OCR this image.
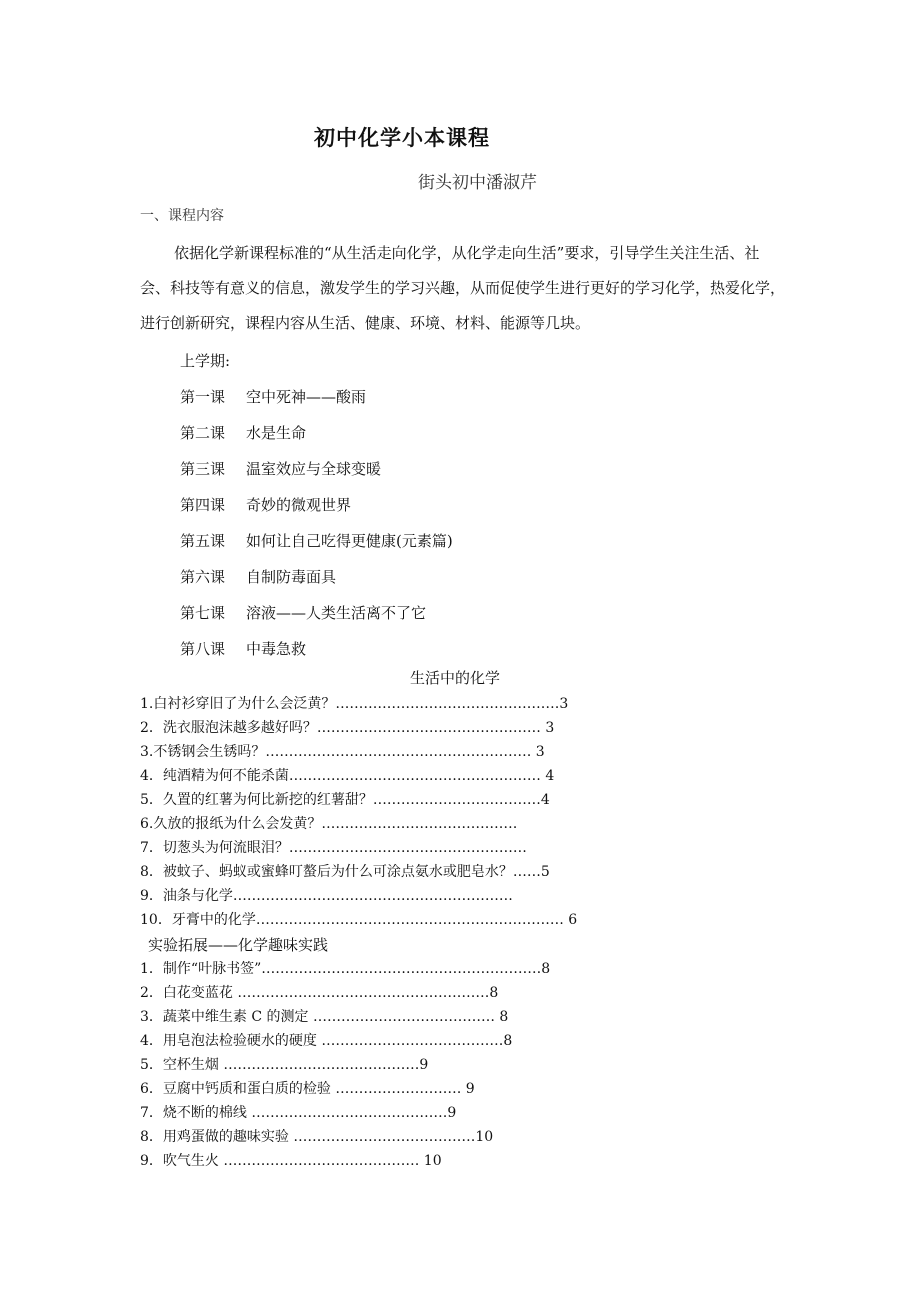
初中化学小本课程
街头初中潘淑芹
一、课程内容
依据化学新课程标准的“从生活走向化学，从化学走向生活”要求，引导学生关注生活、社会、科技等有意义的信息，激发学生的学习兴趣，从而促使学生进行更好的学习化学，热爱化学，进行创新研究，课程内容从生活、健康、环境、材料、能源等几块。
上学期:
第一课 空中死神——酸雨
第二课 水是生命
第三课 温室效应与全球变暖
第四课 奇妙的微观世界
第五课 如何让自己吃得更健康(元素篇)
第六课 自制防毒面具
第七课 溶液——人类生活离不了它
第八课 中毒急救
生活中的化学
1.白衬衫穿旧了为什么会泛黄？…………………………………………3
2．洗衣服泡沫越多越好吗？………………………………………… 3
3.不锈钢会生锈吗？………………………………………………… 3
4．纯酒精为何不能杀菌……………………………………………… 4
5．久置的红薯为何比新挖的红薯甜？………………………………4
6.久放的报纸为什么会发黄？……………………………………
7．切葱头为何流眼泪？……………………………………………
8．被蚊子、蚂蚁或蜜蜂叮螯后为什么可涂点氨水或肥皂水？……5
9．油条与化学……………………………………………………
10．牙膏中的化学………………………………………………………… 6
实验拓展——化学趣味实践
1．制作“叶脉书签”……………………………………………………8
2．白花变蓝花 ………………………………………………8
3．蔬菜中维生素 C 的测定 ………………………………… 8
4．用皂泡法检验硬水的硬度 …………………………………8
5．空杯生烟 ……………………………………9
6．豆腐中钙质和蛋白质的检验 ……………………… 9
7．烧不断的棉线 ……………………………………9
8．用鸡蛋做的趣味实验 …………………………………10
9．吹气生火 …………………………………… 10
